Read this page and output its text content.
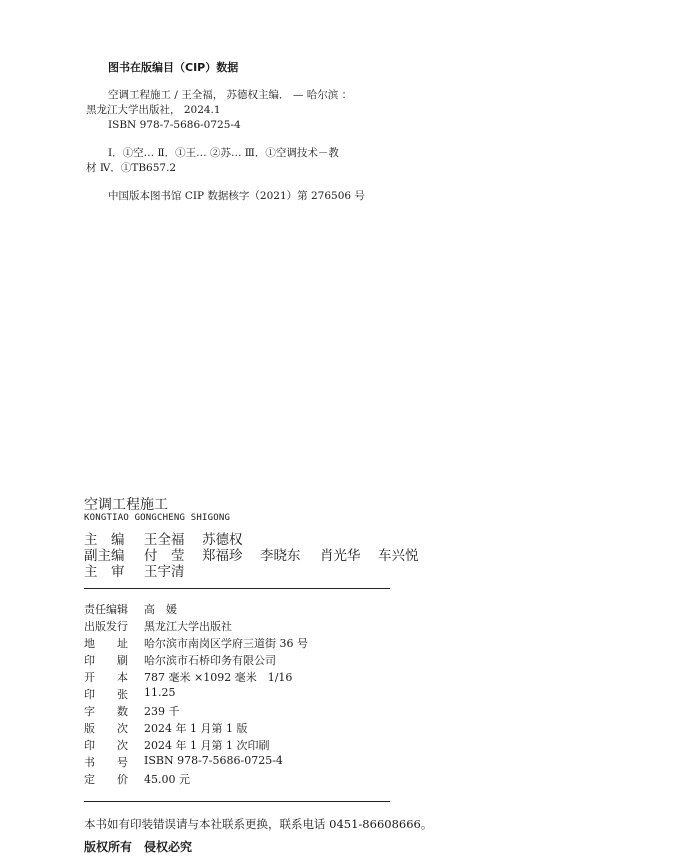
图书在版编目（CIP）数据
空调工程施工 / 王全福， 苏德权主编． — 哈尔滨 ：
黑龙江大学出版社， 2024.1
ISBN 978-7-5686-0725-4
Ⅰ．①空… Ⅱ．①王… ②苏… Ⅲ．①空调技术－教
材 Ⅳ．①TB657.2
中国版本图书馆 CIP 数据核字（2021）第 276506 号
空调工程施工
KONGTIAO GONGCHENG SHIGONG
主　编 王全福 苏德权
副主编 付　莹 郑福珍 李晓东 肖光华 车兴悦
主　审 王宇清
责任编辑 高　媛
出版发行 黑龙江大学出版社
地　　址 哈尔滨市南岗区学府三道街 36 号
印　　刷 哈尔滨市石桥印务有限公司
开　　本 787 毫米 ×1092 毫米　1/16
印　　张 11.25
字　　数 239 千
版　　次 2024 年 1 月第 1 版
印　　次 2024 年 1 月第 1 次印刷
书　　号 ISBN 978-7-5686-0725-4
定　　价 45.00 元
本书如有印装错误请与本社联系更换，联系电话 0451-86608666。
版权所有　侵权必究
